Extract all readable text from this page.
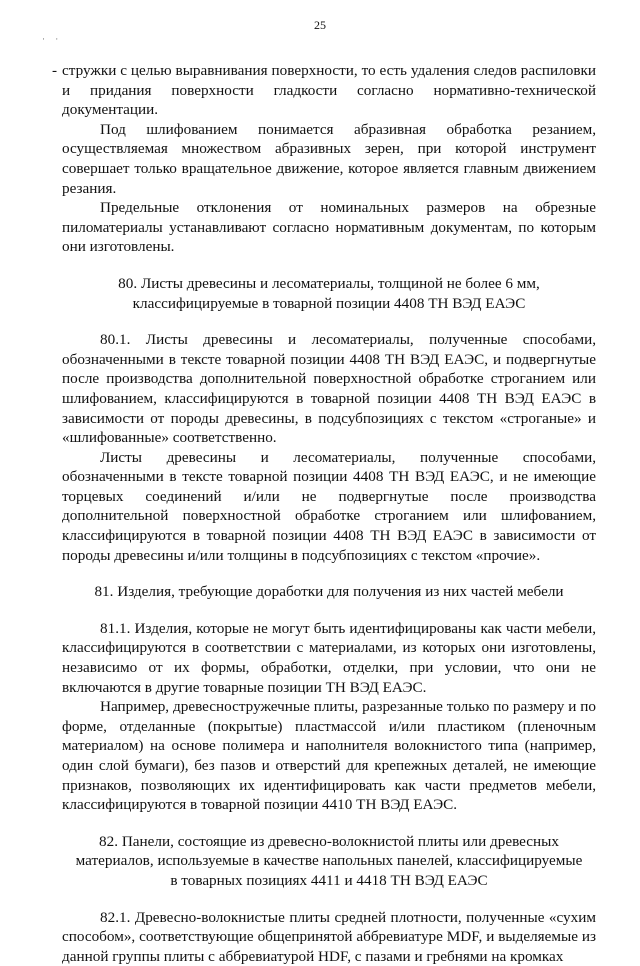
25
· ·

- стружки с целью выравнивания поверхности, то есть удаления следов распиловки и придания поверхности гладкости согласно нормативно-технической документации.

Под шлифованием понимается абразивная обработка резанием, осуществляемая множеством абразивных зерен, при которой инструмент совершает только вращательное движение, которое является главным движением резания.

Предельные отклонения от номинальных размеров на обрезные пиломатериалы устанавливают согласно нормативным документам, по которым они изготовлены.

80. Листы древесины и лесоматериалы, толщиной не более 6 мм,
классифицируемые в товарной позиции 4408 ТН ВЭД ЕАЭС

80.1. Листы древесины и лесоматериалы, полученные способами, обозначенными в тексте товарной позиции 4408 ТН ВЭД ЕАЭС, и подвергнутые после производства дополнительной поверхностной обработке строганием или шлифованием, классифицируются в товарной позиции 4408 ТН ВЭД ЕАЭС в зависимости от породы древесины, в подсубпозициях с текстом «строганые» и «шлифованные» соответственно.

Листы древесины и лесоматериалы, полученные способами, обозначенными в тексте товарной позиции 4408 ТН ВЭД ЕАЭС, и не имеющие торцевых соединений и/или не подвергнутые после производства дополнительной поверхностной обработке строганием или шлифованием, классифицируются в товарной позиции 4408 ТН ВЭД ЕАЭС в зависимости от породы древесины и/или толщины в подсубпозициях с текстом «прочие».

81. Изделия, требующие доработки для получения из них частей мебели

81.1. Изделия, которые не могут быть идентифицированы как части мебели, классифицируются в соответствии с материалами, из которых они изготовлены, независимо от их формы, обработки, отделки, при условии, что они не включаются в другие товарные позиции ТН ВЭД ЕАЭС.

Например, древесностружечные плиты, разрезанные только по размеру и по форме, отделанные (покрытые) пластмассой и/или пластиком (пленочным материалом) на основе полимера и наполнителя волокнистого типа (например, один слой бумаги), без пазов и отверстий для крепежных деталей, не имеющие признаков, позволяющих их идентифицировать как части предметов мебели, классифицируются в товарной позиции 4410 ТН ВЭД ЕАЭС.

82. Панели, состоящие из древесно-волокнистой плиты или древесных
материалов, используемые в качестве напольных панелей, классифицируемые
в товарных позициях 4411 и 4418 ТН ВЭД ЕАЭС

82.1. Древесно-волокнистые плиты средней плотности, полученные «сухим способом», соответствующие общепринятой аббревиатуре MDF, и выделяемые из данной группы плиты с аббревиатурой HDF, с пазами и гребнями на кромках
